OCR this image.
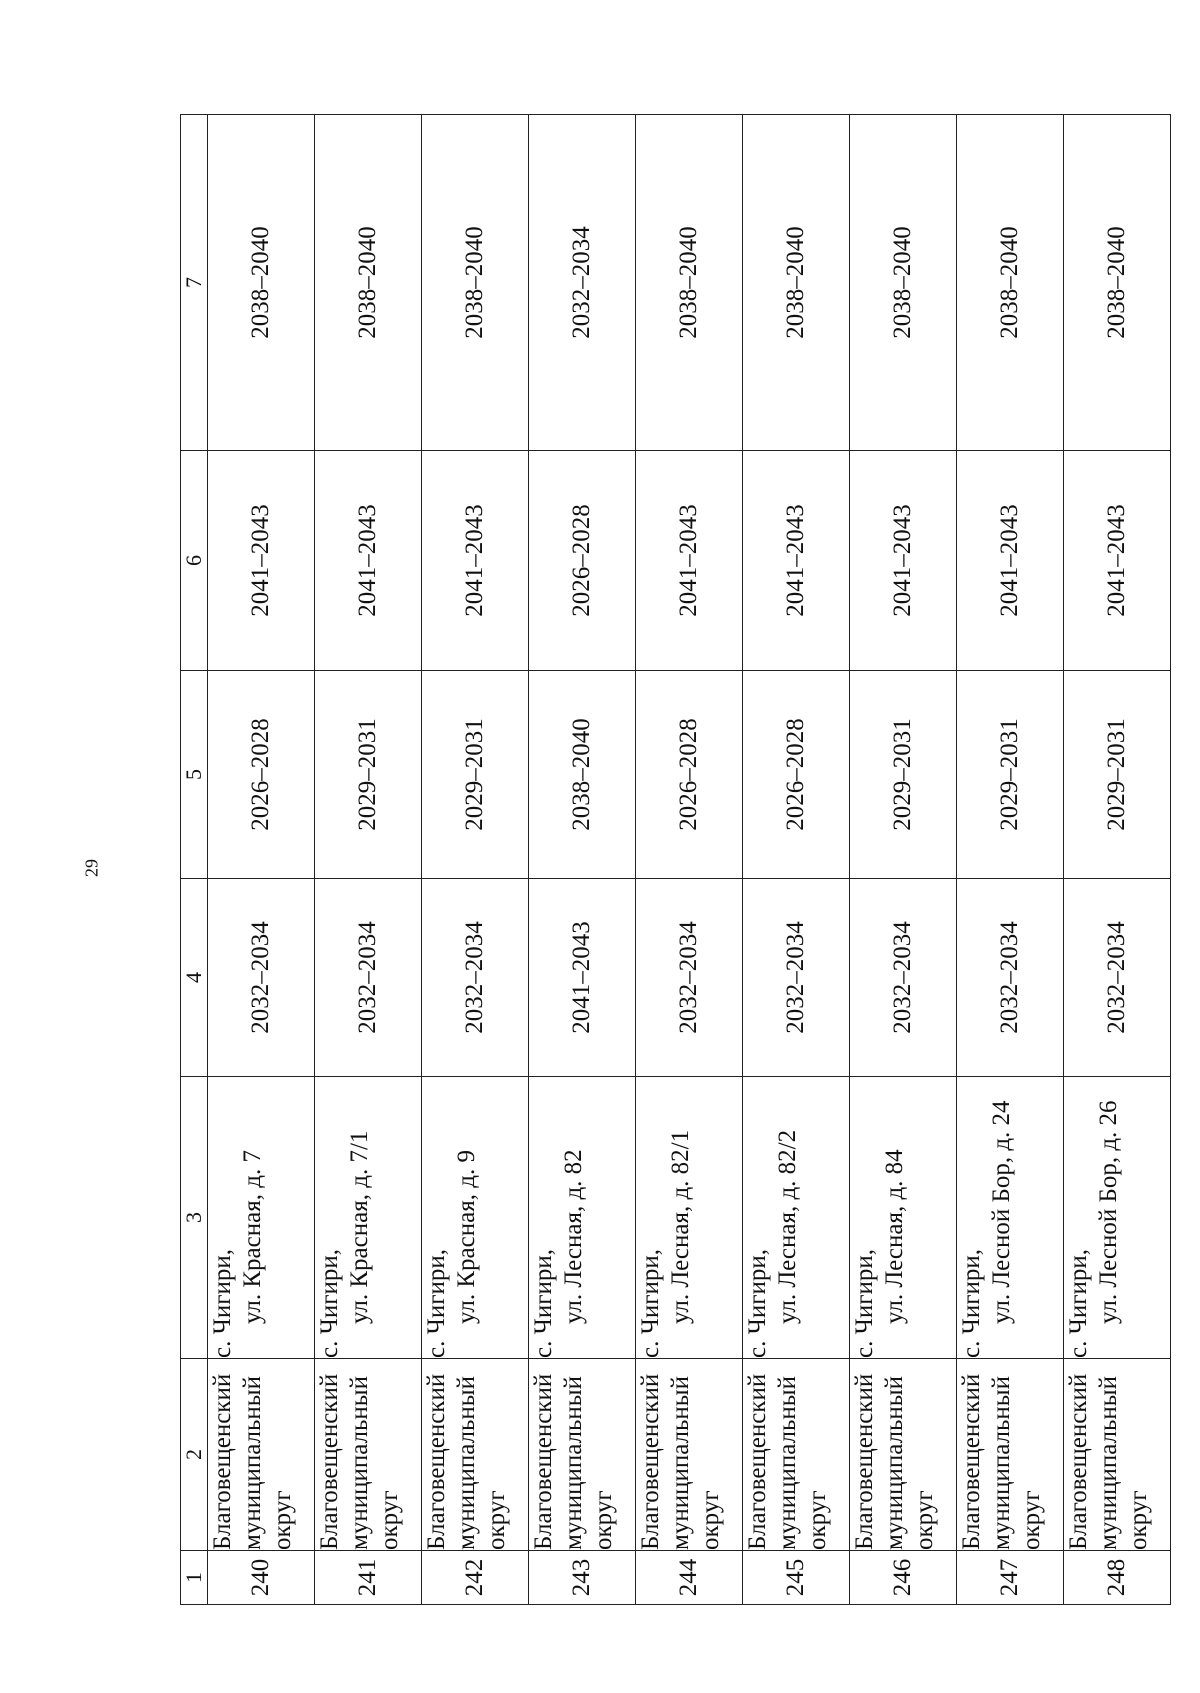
29
1	2	3	4	5	6	7
240	Благовещенский муниципальный округ	с. Чигири, ул. Красная, д. 7	2032–2034	2026–2028	2041–2043	2038–2040
241	Благовещенский муниципальный округ	с. Чигири, ул. Красная, д. 7/1	2032–2034	2029–2031	2041–2043	2038–2040
242	Благовещенский муниципальный округ	с. Чигири, ул. Красная, д. 9	2032–2034	2029–2031	2041–2043	2038–2040
243	Благовещенский муниципальный округ	с. Чигири, ул. Лесная, д. 82	2041–2043	2038–2040	2026–2028	2032–2034
244	Благовещенский муниципальный округ	с. Чигири, ул. Лесная, д. 82/1	2032–2034	2026–2028	2041–2043	2038–2040
245	Благовещенский муниципальный округ	с. Чигири, ул. Лесная, д. 82/2	2032–2034	2026–2028	2041–2043	2038–2040
246	Благовещенский муниципальный округ	с. Чигири, ул. Лесная, д. 84	2032–2034	2029–2031	2041–2043	2038–2040
247	Благовещенский муниципальный округ	с. Чигири, ул. Лесной Бор, д. 24	2032–2034	2029–2031	2041–2043	2038–2040
248	Благовещенский муниципальный округ	с. Чигири, ул. Лесной Бор, д. 26	2032–2034	2029–2031	2041–2043	2038–2040
